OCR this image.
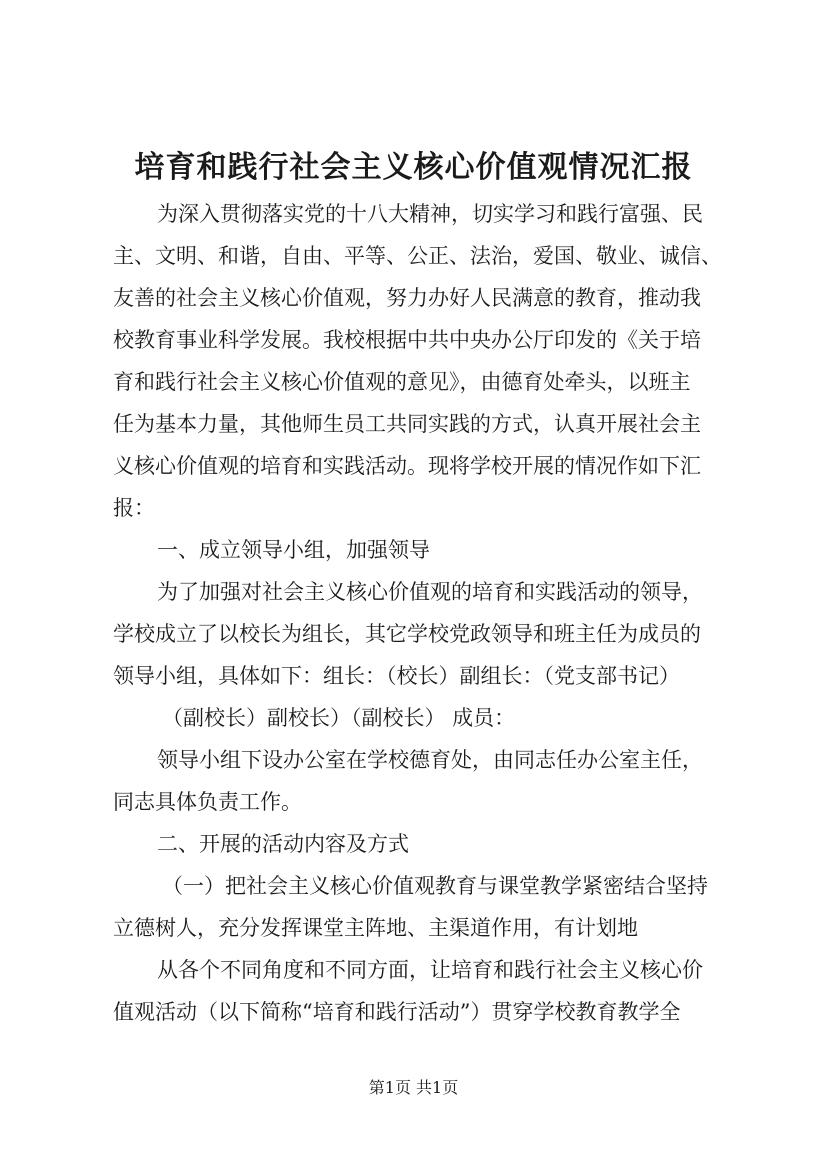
培育和践行社会主义核心价值观情况汇报

为深入贯彻落实党的十八大精神，切实学习和践行富强、民

主、文明、和谐，自由、平等、公正、法治，爱国、敬业、诚信、

友善的社会主义核心价值观，努力办好人民满意的教育，推动我

校教育事业科学发展。我校根据中共中央办公厅印发的《关于培

育和践行社会主义核心价值观的意见》，由德育处牵头，以班主

任为基本力量，其他师生员工共同实践的方式，认真开展社会主

义核心价值观的培育和实践活动。现将学校开展的情况作如下汇

报：

一、成立领导小组，加强领导

为了加强对社会主义核心价值观的培育和实践活动的领导，

学校成立了以校长为组长，其它学校党政领导和班主任为成员的

领导小组，具体如下：组长：（校长）副组长：（党支部书记）

（副校长）副校长）（副校长） 成员：

领导小组下设办公室在学校德育处，由同志任办公室主任，

同志具体负责工作。

二、开展的活动内容及方式

（一）把社会主义核心价值观教育与课堂教学紧密结合坚持

立德树人，充分发挥课堂主阵地、主渠道作用，有计划地

从各个不同角度和不同方面，让培育和践行社会主义核心价

值观活动（以下简称“培育和践行活动”）贯穿学校教育教学全

第1页 共1页
